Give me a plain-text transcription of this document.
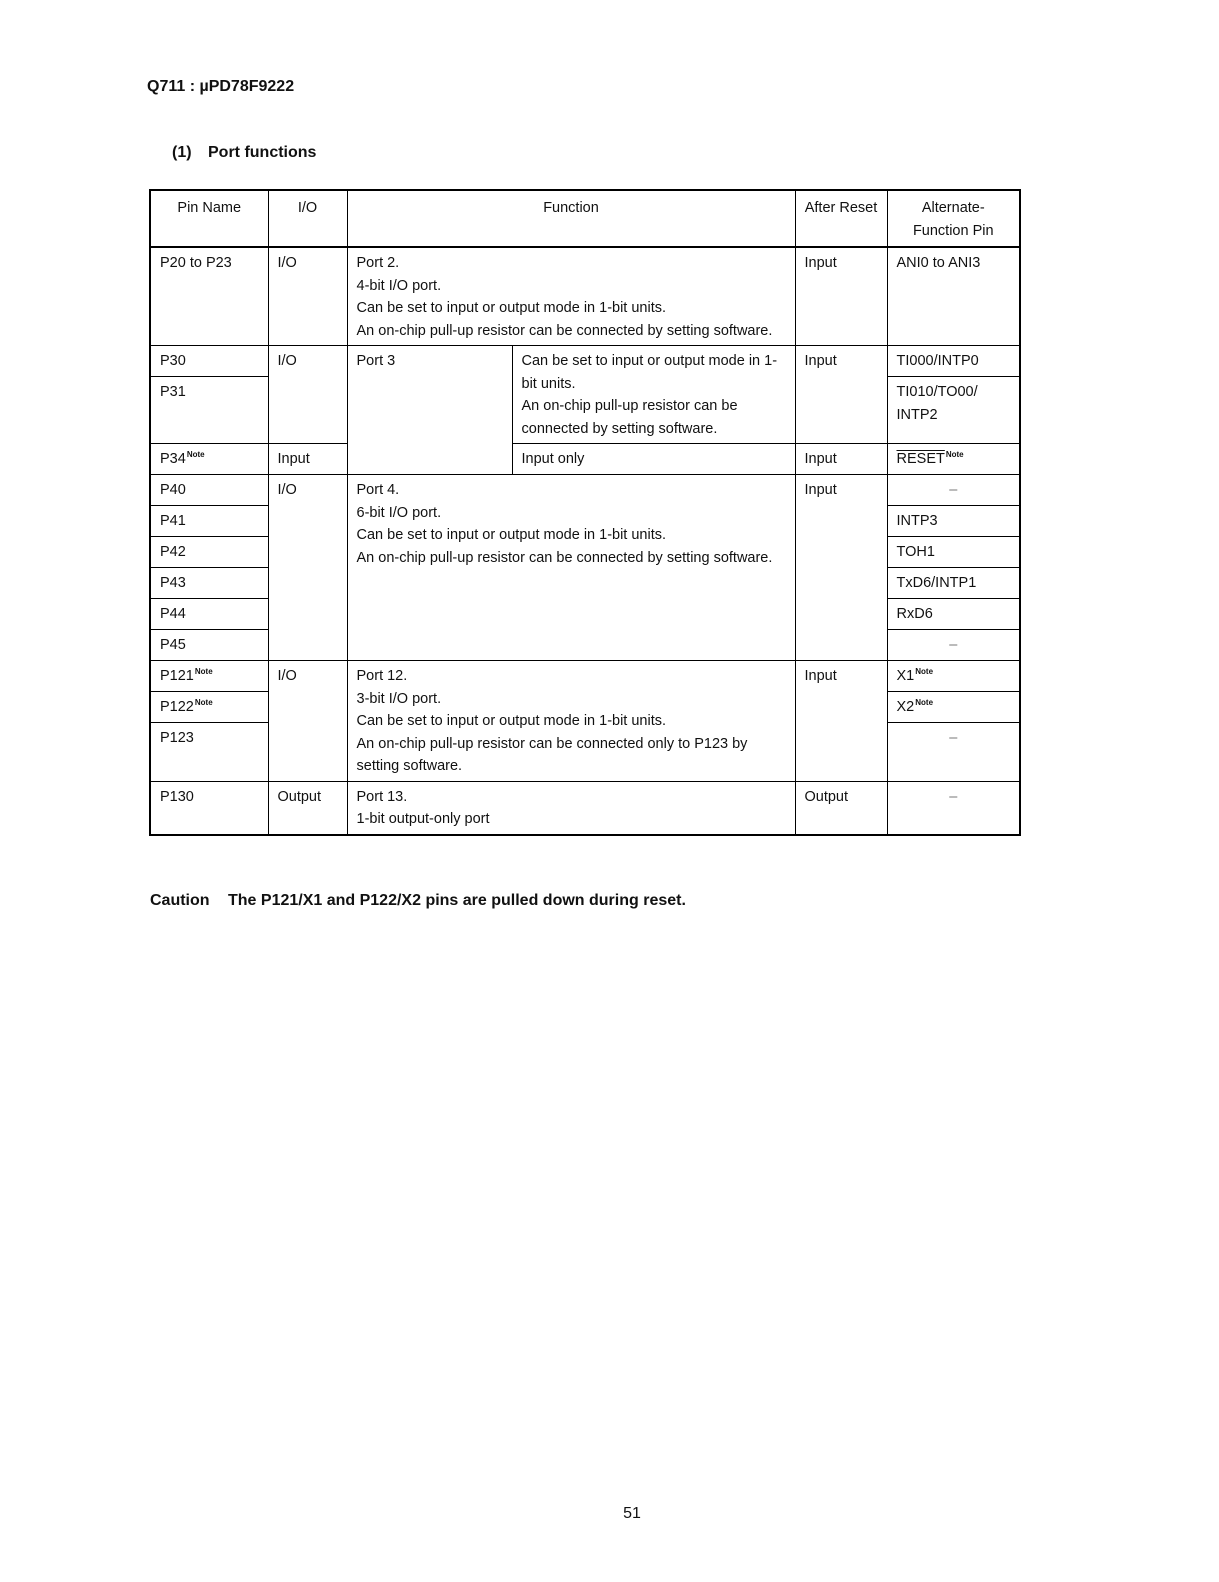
Q711 : µPD78F9222
(1) Port functions
Pin Name	I/O	Function		After Reset	Alternate-
Function Pin

P20 to P23	I/O	Port 2.
4-bit I/O port.
Can be set to input or output mode in 1-bit units.
An on-chip pull-up resistor can be connected by setting software.		Input	ANI0 to ANI3
P30	I/O	Port 3	Can be set to input or output mode in 1-
bit units.
An on-chip pull-up resistor can be
connected by setting software.	Input	TI000/INTP0
P31					TI010/TO00/
INTP2

$P34^{Note}$	Input		Input only	Input	$RESET^{Note}$
P40	I/O	Port 4.
6-bit I/O port.
Can be set to input or output mode in 1-bit units.
An on-chip pull-up resistor can be connected by setting software.		Input	–
P41					INTP3
P42					TOH1
P43					TxD6/INTP1
P44					RxD6
P45					–
$P121^{Note}$	I/O	Port 12.
3-bit I/O port.
Can be set to input or output mode in 1-bit units.
An on-chip pull-up resistor can be connected only to P123 by
setting software.		Input	$X1^{Note}$
$P122^{Note}$					$X2^{Note}$
P123					–
P130	Output	Port 13.
1-bit output-only port		Output	–
Caution The P121/X1 and P122/X2 pins are pulled down during reset.
51
